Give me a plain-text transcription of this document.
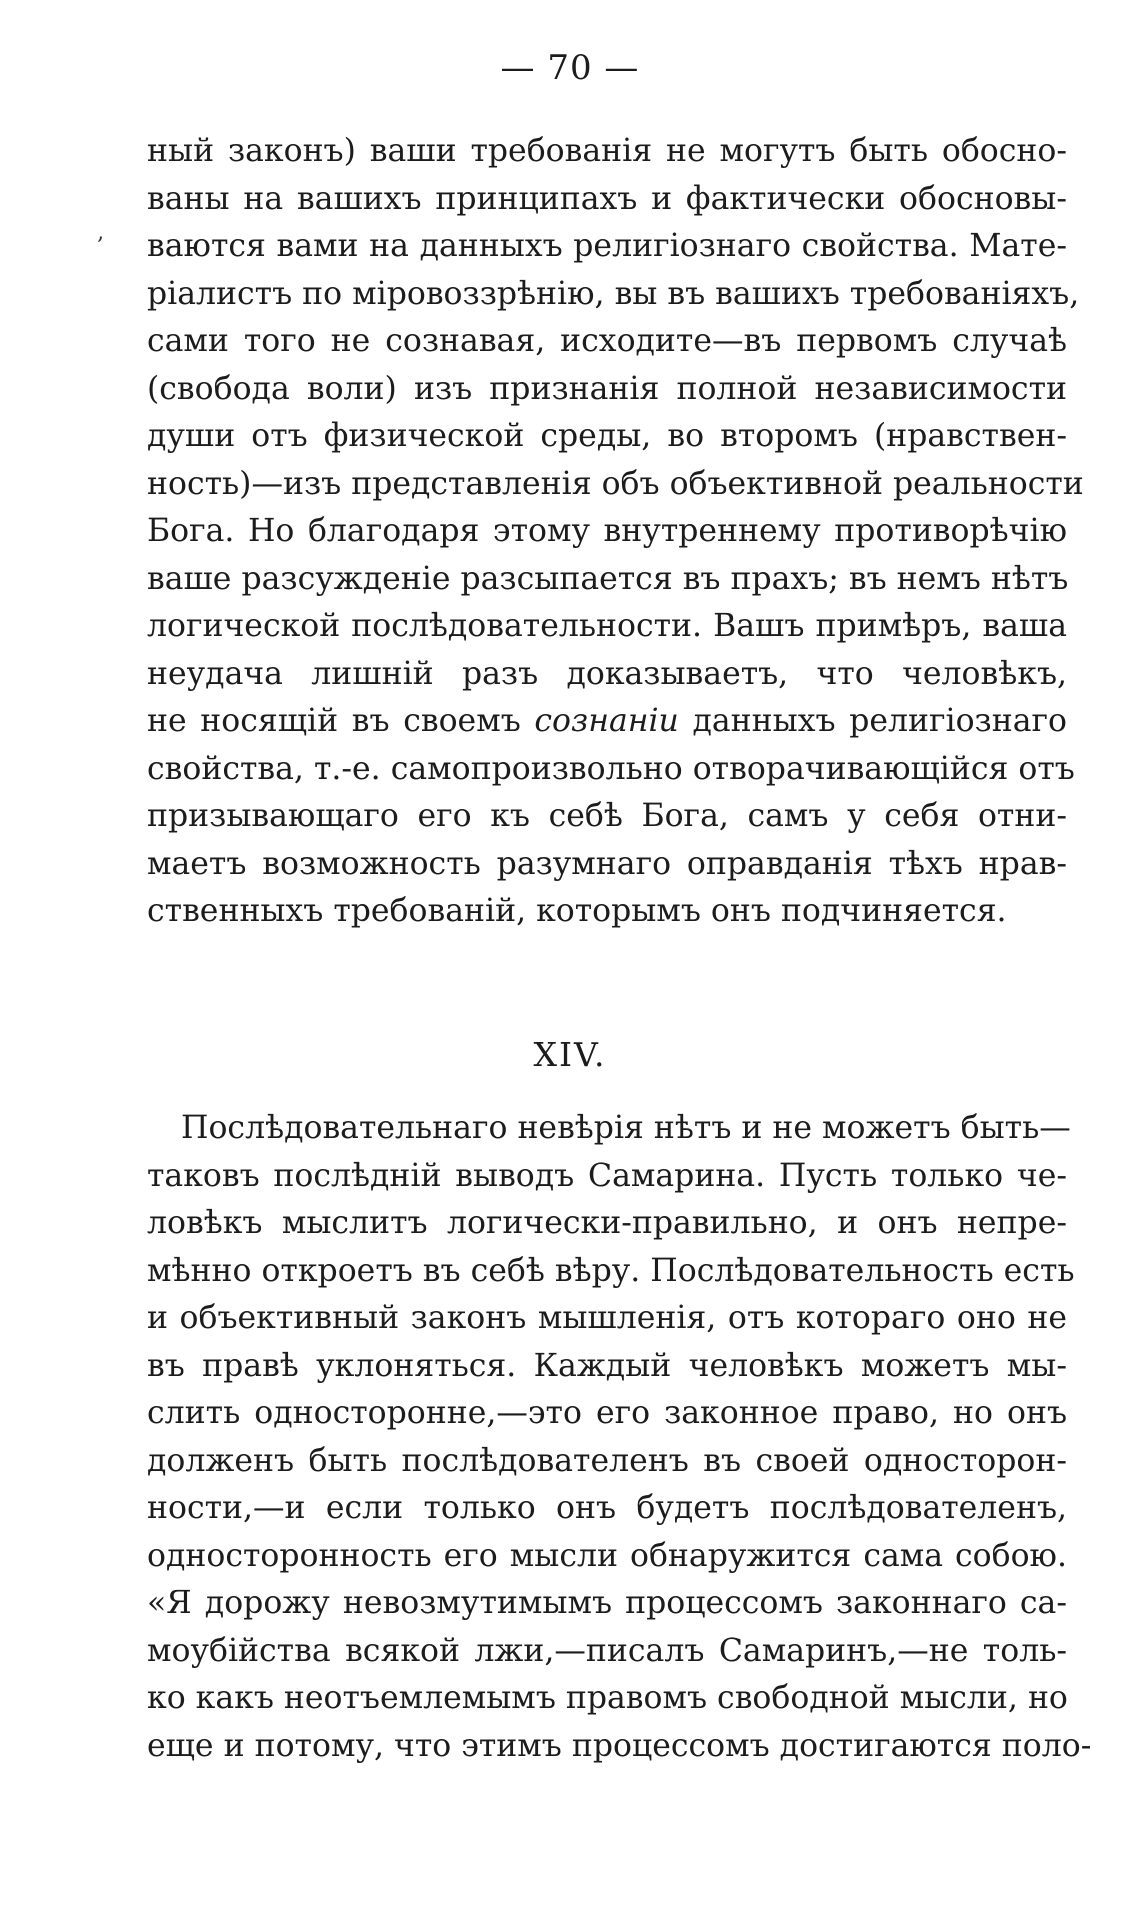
— 70 —
‚
ный законъ) ваши требованія не могутъ быть обосно-
ваны на вашихъ принципахъ и фактически обосновы-
ваются вами на данныхъ религіознаго свойства. Мате-
ріалистъ по міровоззрѣнію, вы въ вашихъ требованіяхъ,
сами того не сознавая, исходите—въ первомъ случаѣ
(свобода воли) изъ признанія полной независимости
души отъ физической среды, во второмъ (нравствен-
ность)—изъ представленія объ объективной реальности
Бога. Но благодаря этому внутреннему противорѣчію
ваше разсужденіе разсыпается въ прахъ; въ немъ нѣтъ
логической послѣдовательности. Вашъ примѣръ, ваша
неудача лишній разъ доказываетъ, что человѣкъ,
не носящій въ своемъ сознаніи данныхъ религіознаго
свойства, т.-е. самопроизвольно отворачивающійся отъ
призывающаго его къ себѣ Бога, самъ у себя отни-
маетъ возможность разумнаго оправданія тѣхъ нрав-
ственныхъ требованій, которымъ онъ подчиняется.
XIV.
Послѣдовательнаго невѣрія нѣтъ и не можетъ быть—
таковъ послѣдній выводъ Самарина. Пусть только че-
ловѣкъ мыслитъ логически-правильно, и онъ непре-
мѣнно откроетъ въ себѣ вѣру. Послѣдовательность есть
и объективный законъ мышленія, отъ котораго оно не
въ правѣ уклоняться. Каждый человѣкъ можетъ мы-
слить односторонне,—это его законное право, но онъ
долженъ быть послѣдователенъ въ своей односторон-
ности,—и если только онъ будетъ послѣдователенъ,
односторонность его мысли обнаружится сама собою.
«Я дорожу невозмутимымъ процессомъ законнаго са-
моубійства всякой лжи,—писалъ Самаринъ,—не толь-
ко какъ неотъемлемымъ правомъ свободной мысли, но
еще и потому, что этимъ процессомъ достигаются поло-
